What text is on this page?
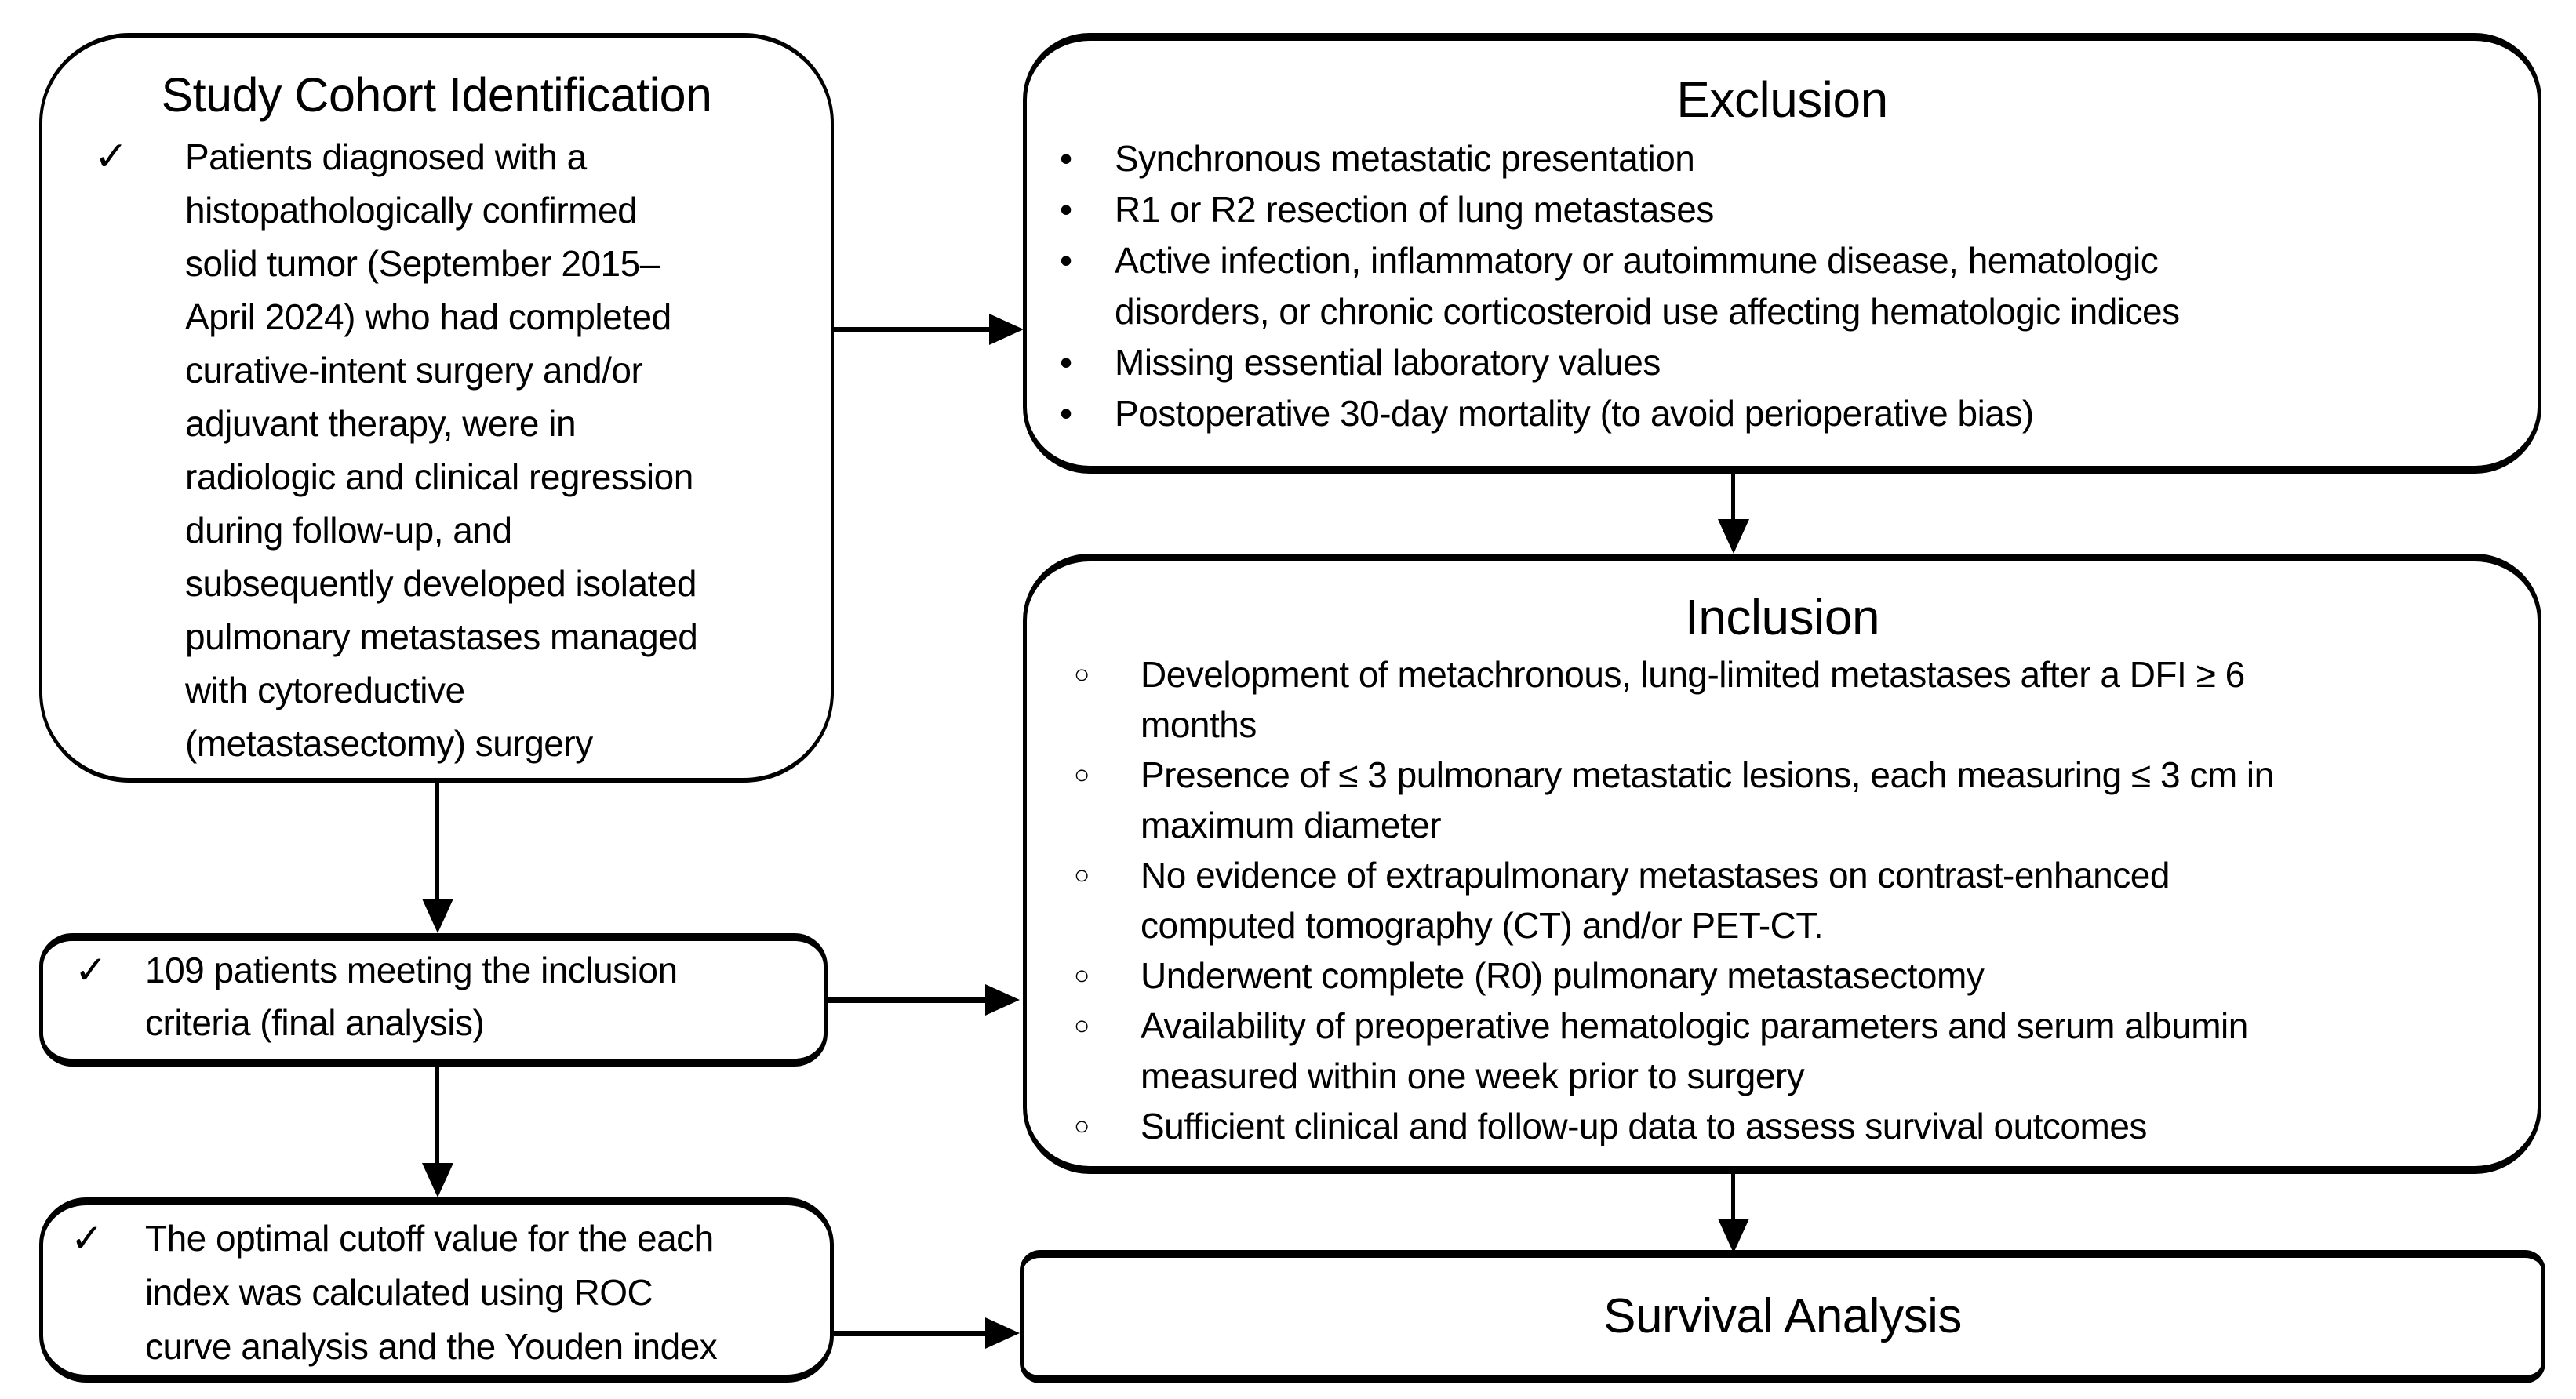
Study Cohort Identification
✓	Patients diagnosed with a
histopathologically confirmed
solid tumor (September 2015–
April 2024) who had completed
curative-intent surgery and/or
adjuvant therapy, were in
radiologic and clinical regression
during follow-up, and
subsequently developed isolated
pulmonary metastases managed
with cytoreductive
(metastasectomy) surgery
Exclusion
•	Synchronous metastatic presentation
•	R1 or R2 resection of lung metastases
•	Active infection, inflammatory or autoimmune disease, hematologic
disorders, or chronic corticosteroid use affecting hematologic indices
•	Missing essential laboratory values
•	Postoperative 30-day mortality (to avoid perioperative bias)
Inclusion
○	Development of metachronous, lung-limited metastases after a DFI ≥ 6
months
○	Presence of ≤ 3 pulmonary metastatic lesions, each measuring ≤ 3 cm in
maximum diameter
○	No evidence of extrapulmonary metastases on contrast-enhanced
computed tomography (CT) and/or PET-CT.
○	Underwent complete (R0) pulmonary metastasectomy
○	Availability of preoperative hematologic parameters and serum albumin
measured within one week prior to surgery
○	Sufficient clinical and follow-up data to assess survival outcomes
✓	109 patients meeting the inclusion
criteria (final analysis)
✓	The optimal cutoff value for the each
index was calculated using ROC
curve analysis and the Youden index
Survival Analysis
